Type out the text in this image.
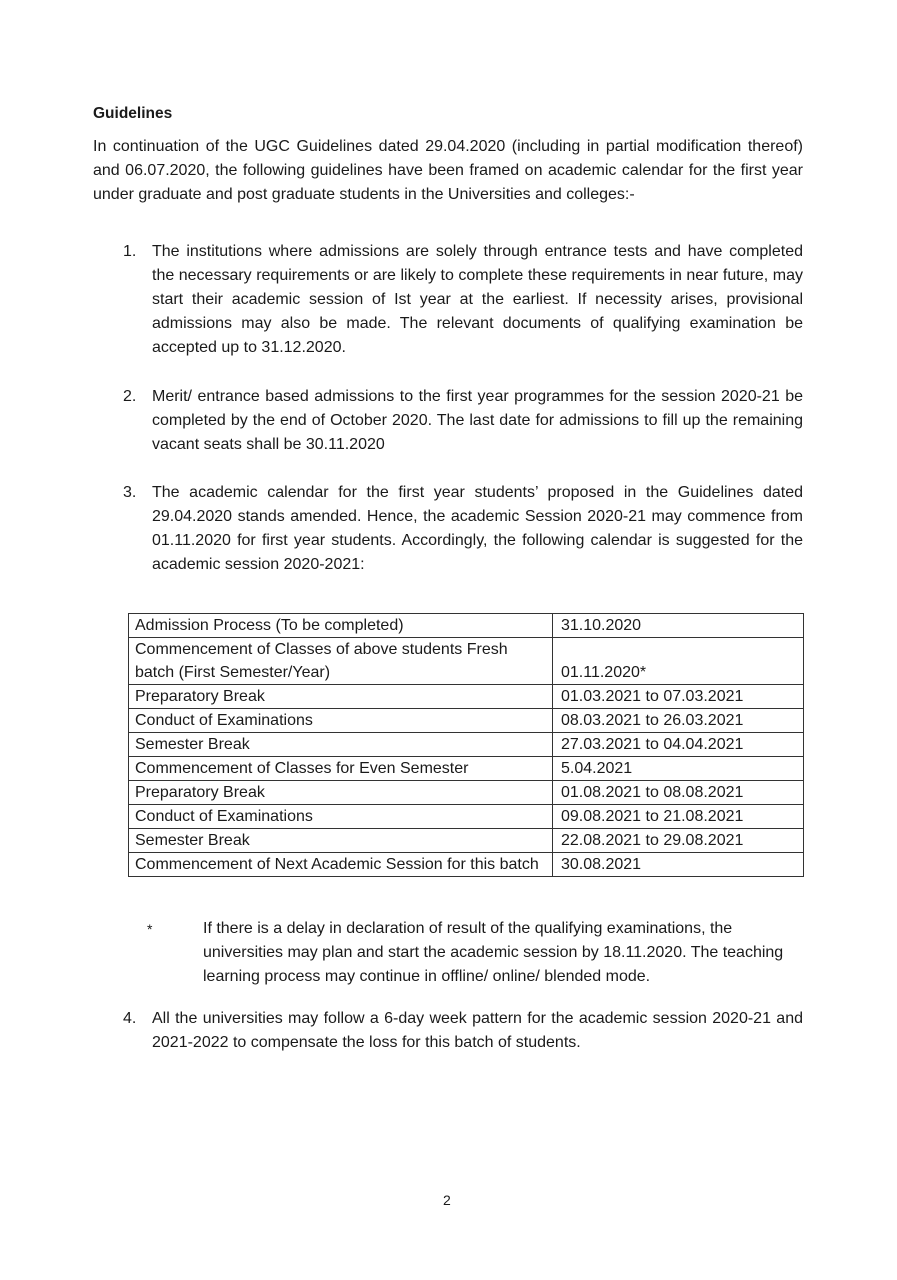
Guidelines
In continuation of the UGC Guidelines dated 29.04.2020 (including in partial modification thereof) and 06.07.2020, the following guidelines have been framed on academic calendar for the first year under graduate and post graduate students in the Universities and colleges:-
1. The institutions where admissions are solely through entrance tests and have completed the necessary requirements or are likely to complete these requirements in near future, may start their academic session of Ist year at the earliest. If necessity arises, provisional admissions may also be made. The relevant documents of qualifying examination be accepted up to 31.12.2020.
2. Merit/ entrance based admissions to the first year programmes for the session 2020-21 be completed by the end of October 2020. The last date for admissions to fill up the remaining vacant seats shall be 30.11.2020
3. The academic calendar for the first year students’ proposed in the Guidelines dated 29.04.2020 stands amended. Hence, the academic Session 2020-21 may commence from 01.11.2020 for first year students. Accordingly, the following calendar is suggested for the academic session 2020-2021:
Admission Process (To be completed)	31.10.2020
Commencement of Classes of above students Fresh batch (First Semester/Year)	01.11.2020*
Preparatory Break	01.03.2021 to 07.03.2021
Conduct of Examinations	08.03.2021 to 26.03.2021
Semester Break	27.03.2021 to 04.04.2021
Commencement of Classes for Even Semester	5.04.2021
Preparatory Break	01.08.2021 to 08.08.2021
Conduct of Examinations	09.08.2021 to 21.08.2021
Semester Break	22.08.2021 to 29.08.2021
Commencement of Next Academic Session for this batch	30.08.2021
*	If there is a delay in declaration of result of the qualifying examinations, the universities may plan and start the academic session by 18.11.2020. The teaching learning process may continue in offline/ online/ blended mode.
4. All the universities may follow a 6-day week pattern for the academic session 2020-21 and 2021-2022 to compensate the loss for this batch of students.
2
